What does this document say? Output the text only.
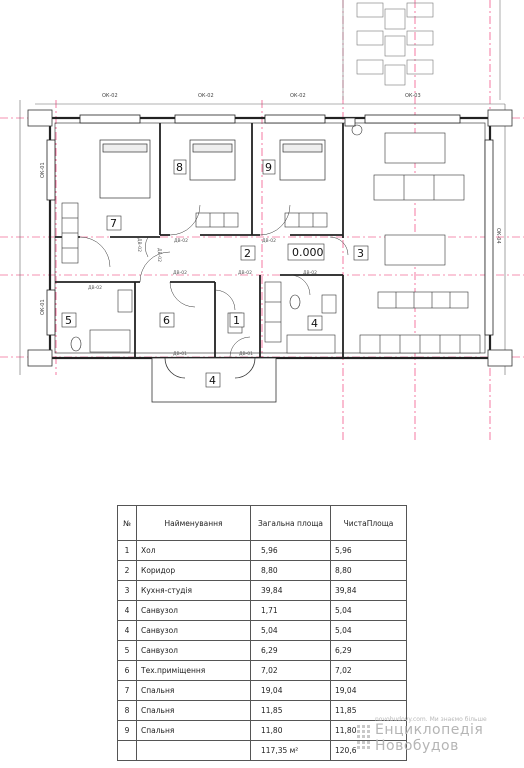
0.000
7
8	9
2	3
5	6	1	4
4
ОК-02	ОК-02	ОК-02	ОК-03
ОК-01
ОК-01
ОК-04
ДВ-02	ДВ-02
ДВ-02
ДВ-02	ДВ-02	ДВ-02
ДВ-02
ДВ-01	ДВ-01
ДВ-02
№	Найменування	Загальна площа	ЧистаПлоща
1	Хол	5,96	5,96
2	Коридор	8,80	8,80
3	Кухня-студія	39,84	39,84
4	Санвузол	1,71	5,04
4	Санвузол	5,04	5,04
5	Санвузол	6,29	6,29
6	Тех.приміщення	7,02	7,02
7	Спальня	19,04	19,04
8	Спальня	11,85	11,85
9	Спальня	11,80	11,80
		117,35 м²	120,6
novobudovy.com. Ми знаємо більше
Енциклопедія
Новобудов
